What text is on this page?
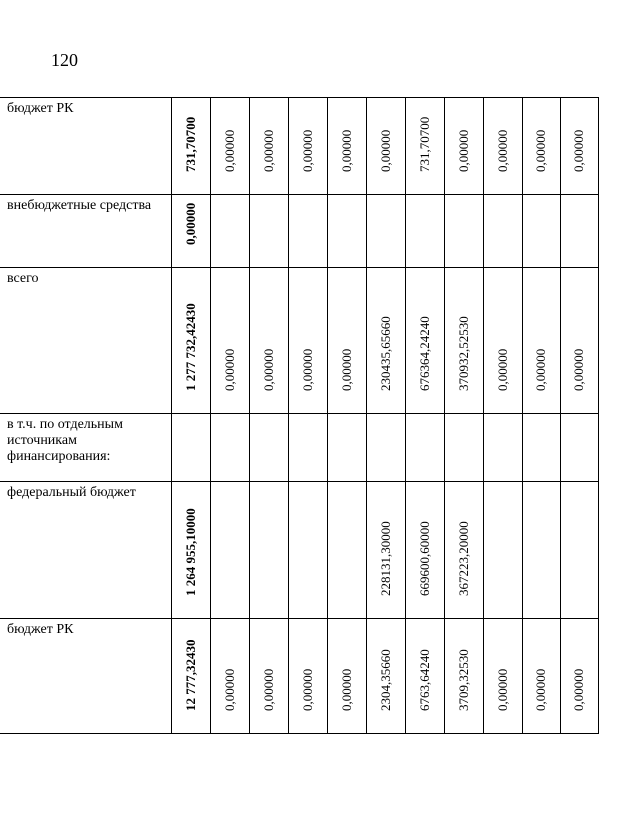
120
бюджет РК	731,70700	0,00000	0,00000	0,00000	0,00000	0,00000	731,70700	0,00000	0,00000	0,00000	0,00000

внебюджетные средства	0,00000										

всего	1 277 732,42430	0,00000	0,00000	0,00000	0,00000	230435,65660	676364,24240	370932,52530	0,00000	0,00000	0,00000

в т.ч. по отдельным источникам финансирования:	

федеральный бюджет	1 264 955,10000					228131,30000	669600,60000	367223,20000			

бюджет РК	12 777,32430	0,00000	0,00000	0,00000	0,00000	2304,35660	6763,64240	3709,32530	0,00000	0,00000	0,00000
